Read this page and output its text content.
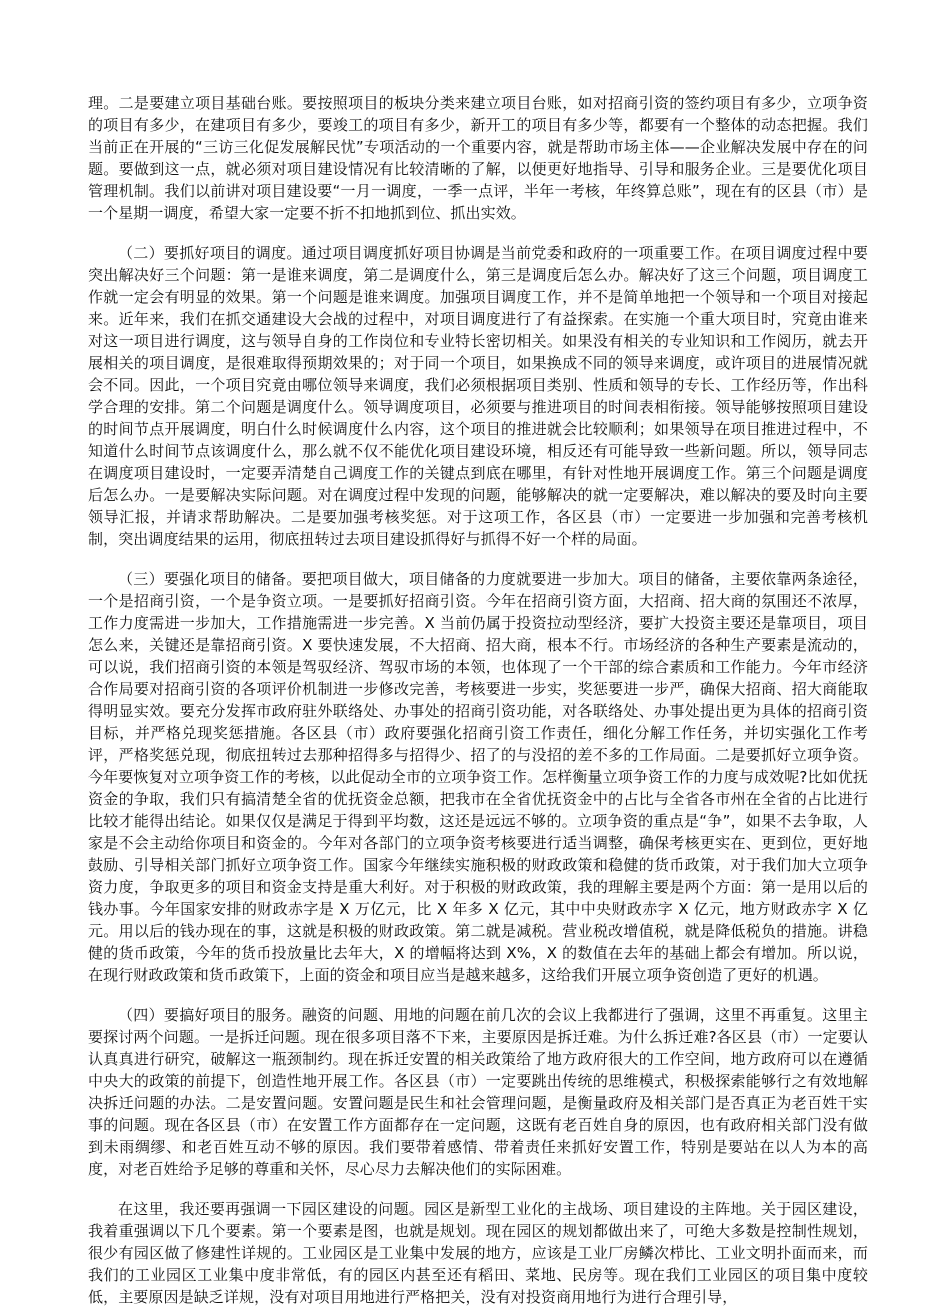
理。二是要建立项目基础台账。要按照项目的板块分类来建立项目台账，如对招商引资的签约项目有多少，立项争资的项目有多少，在建项目有多少，要竣工的项目有多少，新开工的项目有多少等，都要有一个整体的动态把握。我们当前正在开展的“三访三化促发展解民忧”专项活动的一个重要内容，就是帮助市场主体——企业解决发展中存在的问题。要做到这一点，就必须对项目建设情况有比较清晰的了解，以便更好地指导、引导和服务企业。三是要优化项目管理机制。我们以前讲对项目建设要“一月一调度，一季一点评，半年一考核，年终算总账”，现在有的区县（市）是一个星期一调度，希望大家一定要不折不扣地抓到位、抓出实效。

（二）要抓好项目的调度。通过项目调度抓好项目协调是当前党委和政府的一项重要工作。在项目调度过程中要突出解决好三个问题：第一是谁来调度，第二是调度什么，第三是调度后怎么办。解决好了这三个问题，项目调度工作就一定会有明显的效果。第一个问题是谁来调度。加强项目调度工作，并不是简单地把一个领导和一个项目对接起来。近年来，我们在抓交通建设大会战的过程中，对项目调度进行了有益探索。在实施一个重大项目时，究竟由谁来对这一项目进行调度，这与领导自身的工作岗位和专业特长密切相关。如果没有相关的专业知识和工作阅历，就去开展相关的项目调度，是很难取得预期效果的；对于同一个项目，如果换成不同的领导来调度，或许项目的进展情况就会不同。因此，一个项目究竟由哪位领导来调度，我们必须根据项目类别、性质和领导的专长、工作经历等，作出科学合理的安排。第二个问题是调度什么。领导调度项目，必须要与推进项目的时间表相衔接。领导能够按照项目建设的时间节点开展调度，明白什么时候调度什么内容，这个项目的推进就会比较顺利；如果领导在项目推进过程中，不知道什么时间节点该调度什么，那么就不仅不能优化项目建设环境，相反还有可能导致一些新问题。所以，领导同志在调度项目建设时，一定要弄清楚自己调度工作的关键点到底在哪里，有针对性地开展调度工作。第三个问题是调度后怎么办。一是要解决实际问题。对在调度过程中发现的问题，能够解决的就一定要解决，难以解决的要及时向主要领导汇报，并请求帮助解决。二是要加强考核奖惩。对于这项工作，各区县（市）一定要进一步加强和完善考核机制，突出调度结果的运用，彻底扭转过去项目建设抓得好与抓得不好一个样的局面。

（三）要强化项目的储备。要把项目做大，项目储备的力度就要进一步加大。项目的储备，主要依靠两条途径，一个是招商引资，一个是争资立项。一是要抓好招商引资。今年在招商引资方面，大招商、招大商的氛围还不浓厚，工作力度需进一步加大，工作措施需进一步完善。X 当前仍属于投资拉动型经济，要扩大投资主要还是靠项目，项目怎么来，关键还是靠招商引资。X 要快速发展，不大招商、招大商，根本不行。市场经济的各种生产要素是流动的，可以说，我们招商引资的本领是驾驭经济、驾驭市场的本领，也体现了一个干部的综合素质和工作能力。今年市经济合作局要对招商引资的各项评价机制进一步修改完善，考核要进一步实，奖惩要进一步严，确保大招商、招大商能取得明显实效。要充分发挥市政府驻外联络处、办事处的招商引资功能，对各联络处、办事处提出更为具体的招商引资目标，并严格兑现奖惩措施。各区县（市）政府要强化招商引资工作责任，细化分解工作任务，并切实强化工作考评，严格奖惩兑现，彻底扭转过去那种招得多与招得少、招了的与没招的差不多的工作局面。二是要抓好立项争资。今年要恢复对立项争资工作的考核，以此促动全市的立项争资工作。怎样衡量立项争资工作的力度与成效呢?比如优抚资金的争取，我们只有搞清楚全省的优抚资金总额，把我市在全省优抚资金中的占比与全省各市州在全省的占比进行比较才能得出结论。如果仅仅是满足于得到平均数，这还是远远不够的。立项争资的重点是“争”，如果不去争取，人家是不会主动给你项目和资金的。今年对各部门的立项争资考核要进行适当调整，确保考核更实在、更到位，更好地鼓励、引导相关部门抓好立项争资工作。国家今年继续实施积极的财政政策和稳健的货币政策，对于我们加大立项争资力度，争取更多的项目和资金支持是重大利好。对于积极的财政政策，我的理解主要是两个方面：第一是用以后的钱办事。今年国家安排的财政赤字是 X 万亿元，比 X 年多 X 亿元，其中中央财政赤字 X 亿元，地方财政赤字 X 亿元。用以后的钱办现在的事，这就是积极的财政政策。第二就是减税。营业税改增值税，就是降低税负的措施。讲稳健的货币政策，今年的货币投放量比去年大，X 的增幅将达到 X%，X 的数值在去年的基础上都会有增加。所以说，在现行财政政策和货币政策下，上面的资金和项目应当是越来越多，这给我们开展立项争资创造了更好的机遇。

（四）要搞好项目的服务。融资的问题、用地的问题在前几次的会议上我都进行了强调，这里不再重复。这里主要探讨两个问题。一是拆迁问题。现在很多项目落不下来，主要原因是拆迁难。为什么拆迁难?各区县（市）一定要认认真真进行研究，破解这一瓶颈制约。现在拆迁安置的相关政策给了地方政府很大的工作空间，地方政府可以在遵循中央大的政策的前提下，创造性地开展工作。各区县（市）一定要跳出传统的思维模式，积极探索能够行之有效地解决拆迁问题的办法。二是安置问题。安置问题是民生和社会管理问题，是衡量政府及相关部门是否真正为老百姓干实事的问题。现在各区县（市）在安置工作方面都存在一定问题，这既有老百姓自身的原因，也有政府相关部门没有做到未雨绸缪、和老百姓互动不够的原因。我们要带着感情、带着责任来抓好安置工作，特别是要站在以人为本的高度，对老百姓给予足够的尊重和关怀，尽心尽力去解决他们的实际困难。

在这里，我还要再强调一下园区建设的问题。园区是新型工业化的主战场、项目建设的主阵地。关于园区建设，我着重强调以下几个要素。第一个要素是图，也就是规划。现在园区的规划都做出来了，可绝大多数是控制性规划，很少有园区做了修建性详规的。工业园区是工业集中发展的地方，应该是工业厂房鳞次栉比、工业文明扑面而来，而我们的工业园区工业集中度非常低，有的园区内甚至还有稻田、菜地、民房等。现在我们工业园区的项目集中度较低，主要原因是缺乏详规，没有对项目用地进行严格把关，没有对投资商用地行为进行合理引导，
